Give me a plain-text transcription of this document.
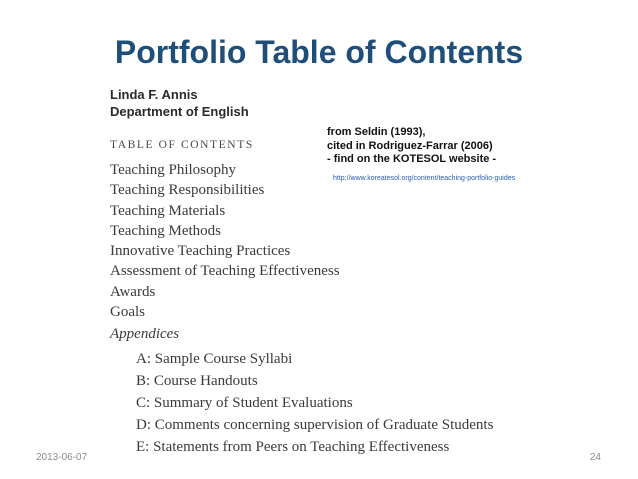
Portfolio Table of Contents
Linda F. Annis
Department of English
TABLE OF CONTENTS
Teaching Philosophy
Teaching Responsibilities
Teaching Materials
Teaching Methods
Innovative Teaching Practices
Assessment of Teaching Effectiveness
Awards
Goals
Appendices
A: Sample Course Syllabi
B: Course Handouts
C: Summary of Student Evaluations
D: Comments concerning supervision of Graduate Students
E: Statements from Peers on Teaching Effectiveness
from Seldin (1993),
cited in Rodriguez-Farrar (2006)
- find on the KOTESOL website -
http://www.koreatesol.org/content/teaching-portfolio-guides
2013-06-07	24
